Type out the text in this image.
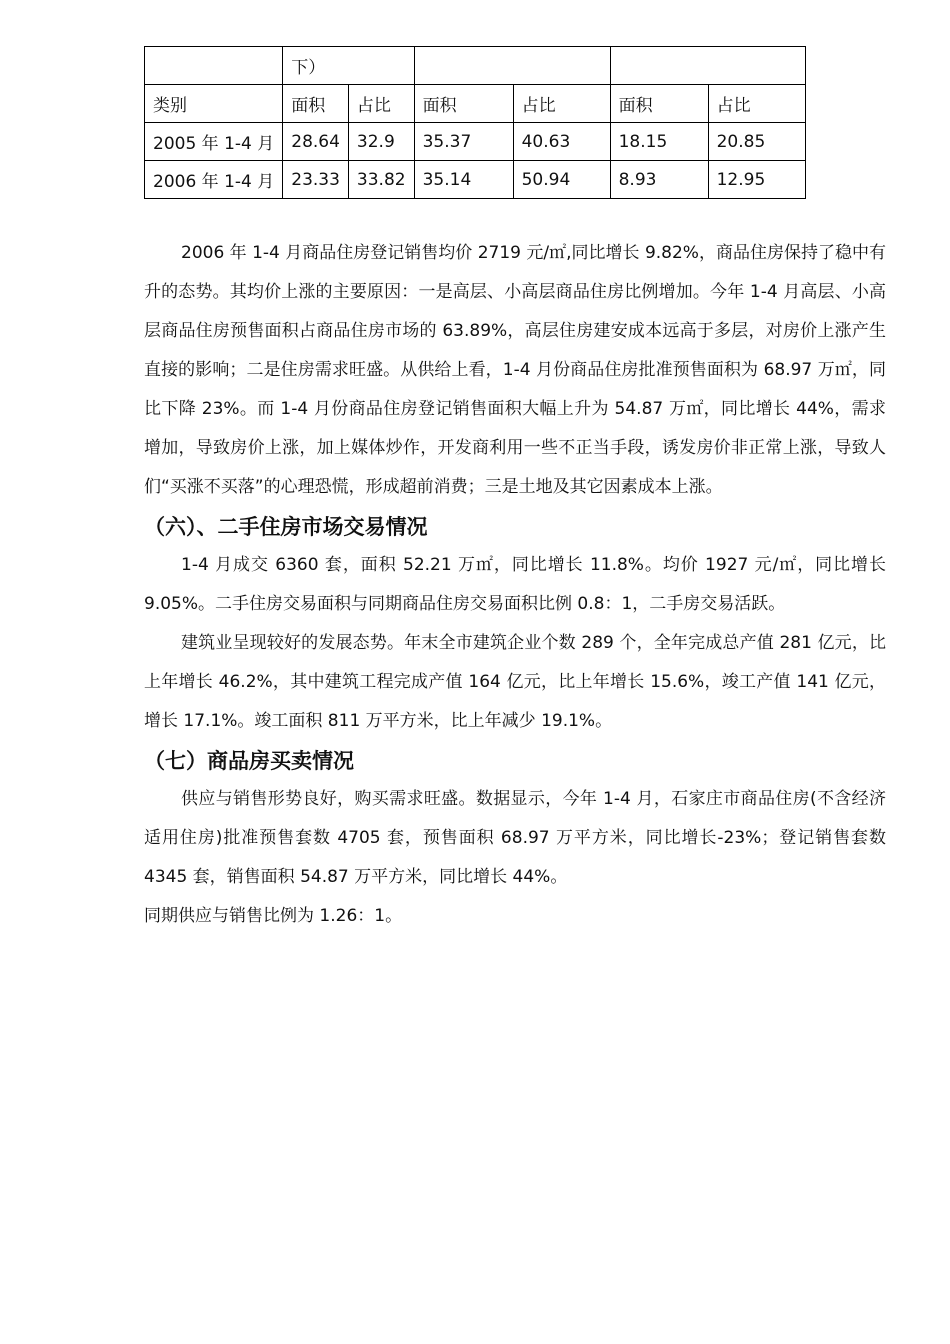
	下）					
类别	面积	占比	面积	占比	面积	占比
2005 年 1-4 月	28.64	32.9	35.37	40.63	18.15	20.85
2006 年 1-4 月	23.33	33.82	35.14	50.94	8.93	12.95

2006 年 1-4 月商品住房登记销售均价 2719 元/㎡,同比增长 9.82%，商品住房保持了稳中有升的态势。其均价上涨的主要原因：一是高层、小高层商品住房比例增加。今年 1-4 月高层、小高层商品住房预售面积占商品住房市场的 63.89%，高层住房建安成本远高于多层，对房价上涨产生直接的影响；二是住房需求旺盛。从供给上看，1-4 月份商品住房批准预售面积为 68.97 万㎡，同比下降 23%。而 1-4 月份商品住房登记销售面积大幅上升为 54.87 万㎡，同比增长 44%，需求增加，导致房价上涨，加上媒体炒作，开发商利用一些不正当手段，诱发房价非正常上涨，导致人们“买涨不买落”的心理恐慌，形成超前消费；三是土地及其它因素成本上涨。

（六）、二手住房市场交易情况

1-4 月成交 6360 套，面积 52.21 万㎡，同比增长 11.8%。均价 1927 元/㎡，同比增长 9.05%。二手住房交易面积与同期商品住房交易面积比例 0.8：1，二手房交易活跃。

建筑业呈现较好的发展态势。年末全市建筑企业个数 289 个，全年完成总产值 281 亿元，比上年增长 46.2%，其中建筑工程完成产值 164 亿元，比上年增长 15.6%，竣工产值 141 亿元，增长 17.1%。竣工面积 811 万平方米，比上年减少 19.1%。

（七）商品房买卖情况

供应与销售形势良好，购买需求旺盛。数据显示，今年 1-4 月，石家庄市商品住房(不含经济适用住房)批准预售套数 4705 套，预售面积 68.97 万平方米，同比增长-23%；登记销售套数 4345 套，销售面积 54.87 万平方米，同比增长 44%。

同期供应与销售比例为 1.26：1。
